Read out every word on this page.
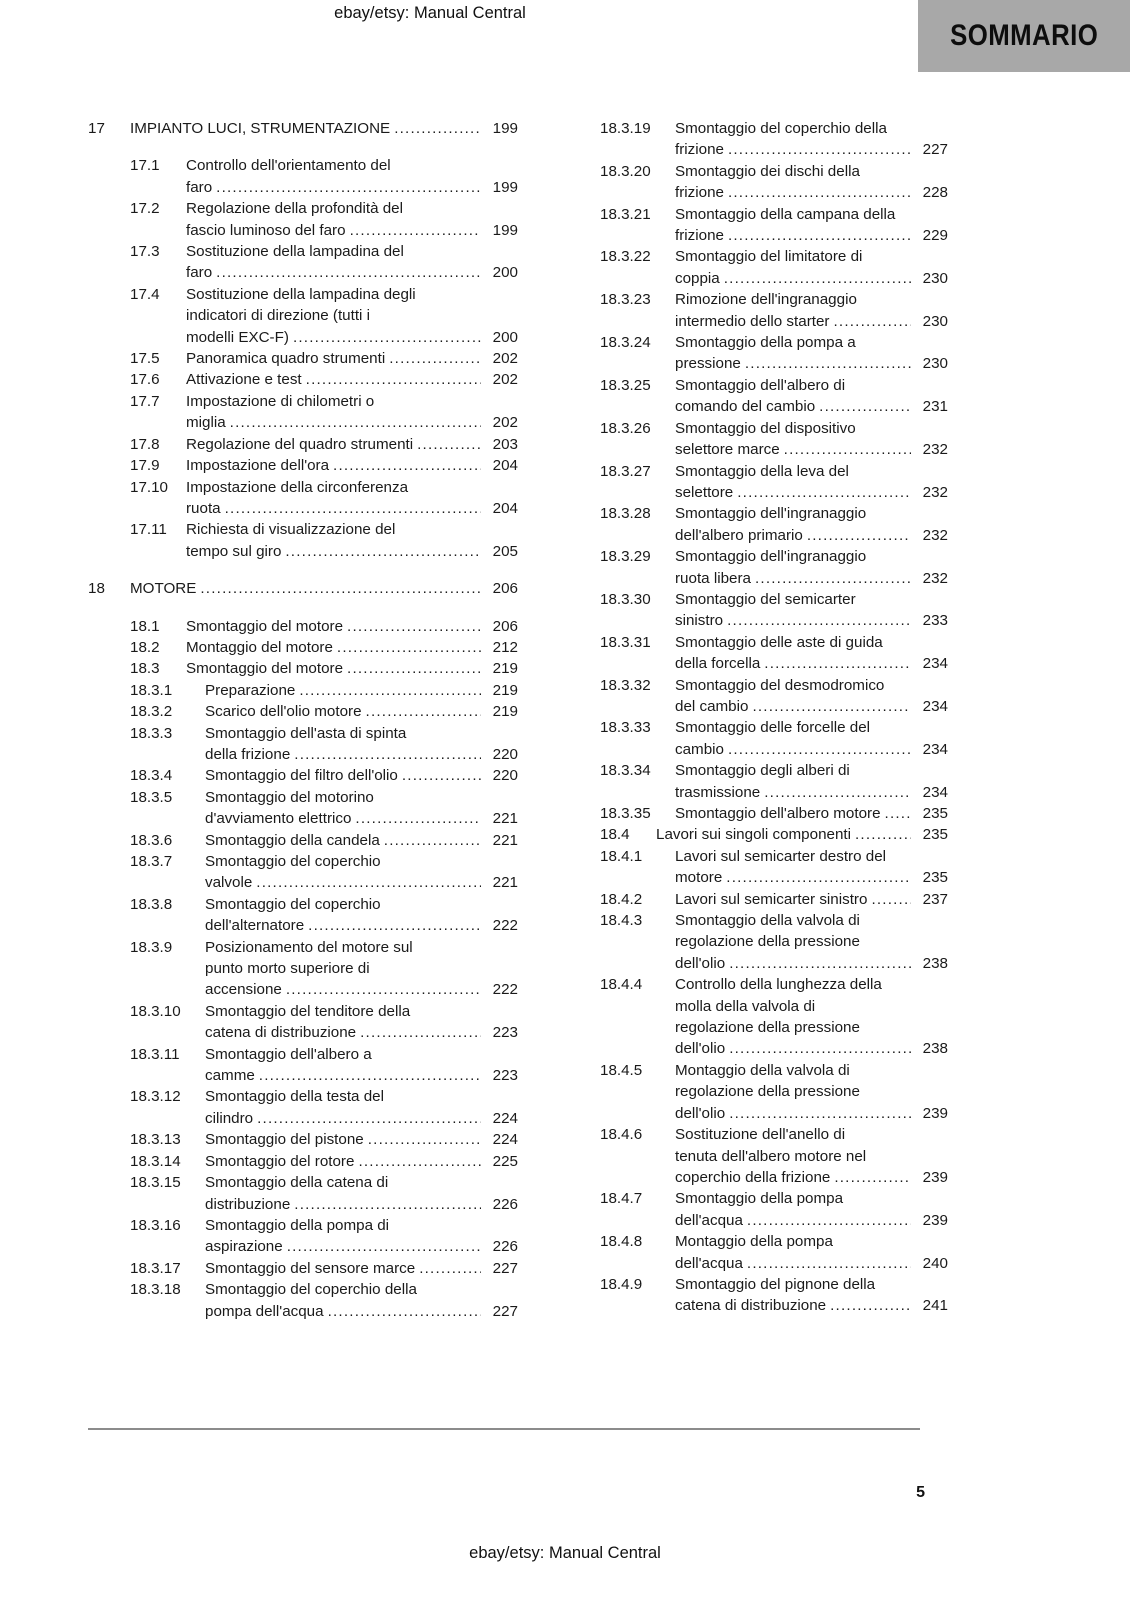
ebay/etsy: Manual Central
SOMMARIO
17	IMPIANTO LUCI, STRUMENTAZIONE .....	199
17.1	Controllo dell'orientamento del
faro .....	199
17.2	Regolazione della profondità del
fascio luminoso del faro .....	199
17.3	Sostituzione della lampadina del
faro .....	200
17.4	Sostituzione della lampadina degli
indicatori di direzione (tutti i
modelli EXC-F) .....	200
17.5	Panoramica quadro strumenti .....	202
17.6	Attivazione e test .....	202
17.7	Impostazione di chilometri o
miglia .....	202
17.8	Regolazione del quadro strumenti .....	203
17.9	Impostazione dell'ora .....	204
17.10	Impostazione della circonferenza
ruota .....	204
17.11	Richiesta di visualizzazione del
tempo sul giro .....	205
18	MOTORE .....	206
18.1	Smontaggio del motore .....	206
18.2	Montaggio del motore .....	212
18.3	Smontaggio del motore .....	219
18.3.1	Preparazione .....	219
18.3.2	Scarico dell'olio motore .....	219
18.3.3	Smontaggio dell'asta di spinta
della frizione .....	220
18.3.4	Smontaggio del filtro dell'olio .....	220
18.3.5	Smontaggio del motorino
d'avviamento elettrico .....	221
18.3.6	Smontaggio della candela .....	221
18.3.7	Smontaggio del coperchio
valvole .....	221
18.3.8	Smontaggio del coperchio
dell'alternatore .....	222
18.3.9	Posizionamento del motore sul
punto morto superiore di
accensione .....	222
18.3.10	Smontaggio del tenditore della
catena di distribuzione .....	223
18.3.11	Smontaggio dell'albero a
camme .....	223
18.3.12	Smontaggio della testa del
cilindro .....	224
18.3.13	Smontaggio del pistone .....	224
18.3.14	Smontaggio del rotore .....	225
18.3.15	Smontaggio della catena di
distribuzione .....	226
18.3.16	Smontaggio della pompa di
aspirazione .....	226
18.3.17	Smontaggio del sensore marce .....	227
18.3.18	Smontaggio del coperchio della
pompa dell'acqua .....	227
18.3.19	Smontaggio del coperchio della
frizione .....	227
18.3.20	Smontaggio dei dischi della
frizione .....	228
18.3.21	Smontaggio della campana della
frizione .....	229
18.3.22	Smontaggio del limitatore di
coppia .....	230
18.3.23	Rimozione dell'ingranaggio
intermedio dello starter .....	230
18.3.24	Smontaggio della pompa a
pressione .....	230
18.3.25	Smontaggio dell'albero di
comando del cambio .....	231
18.3.26	Smontaggio del dispositivo
selettore marce .....	232
18.3.27	Smontaggio della leva del
selettore .....	232
18.3.28	Smontaggio dell'ingranaggio
dell'albero primario .....	232
18.3.29	Smontaggio dell'ingranaggio
ruota libera .....	232
18.3.30	Smontaggio del semicarter
sinistro .....	233
18.3.31	Smontaggio delle aste di guida
della forcella .....	234
18.3.32	Smontaggio del desmodromico
del cambio .....	234
18.3.33	Smontaggio delle forcelle del
cambio .....	234
18.3.34	Smontaggio degli alberi di
trasmissione .....	234
18.3.35	Smontaggio dell'albero motore .....	235
18.4	Lavori sui singoli componenti .....	235
18.4.1	Lavori sul semicarter destro del
motore .....	235
18.4.2	Lavori sul semicarter sinistro .....	237
18.4.3	Smontaggio della valvola di
regolazione della pressione
dell'olio .....	238
18.4.4	Controllo della lunghezza della
molla della valvola di
regolazione della pressione
dell'olio .....	238
18.4.5	Montaggio della valvola di
regolazione della pressione
dell'olio .....	239
18.4.6	Sostituzione dell'anello di
tenuta dell'albero motore nel
coperchio della frizione .....	239
18.4.7	Smontaggio della pompa
dell'acqua .....	239
18.4.8	Montaggio della pompa
dell'acqua .....	240
18.4.9	Smontaggio del pignone della
catena di distribuzione .....	241
5
ebay/etsy: Manual Central
